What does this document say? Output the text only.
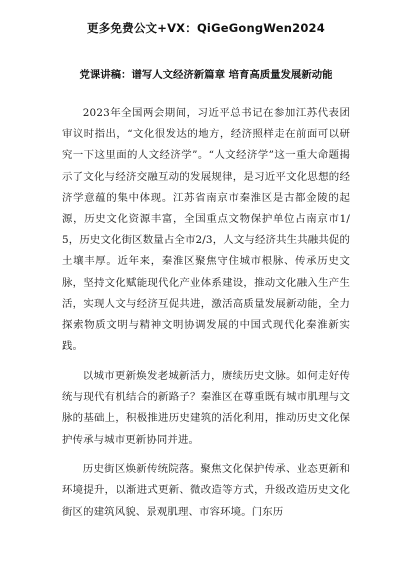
更多免费公文+VX：QiGeGongWen2024
党课讲稿：谱写人文经济新篇章 培育高质量发展新动能

2023年全国两会期间，习近平总书记在参加江苏代表团审议时指出，“文化很发达的地方，经济照样走在前面可以研究一下这里面的人文经济学”。“人文经济学”这一重大命题揭示了文化与经济交融互动的发展规律，是习近平文化思想的经济学意蕴的集中体现。江苏省南京市秦淮区是古都金陵的起源，历史文化资源丰富，全国重点文物保护单位占南京市1/5，历史文化街区数量占全市2/3，人文与经济共生共融共促的土壤丰厚。近年来，秦淮区聚焦守住城市根脉、传承历史文脉，坚持文化赋能现代化产业体系建设，推动文化融入生产生活，实现人文与经济互促共进，激活高质量发展新动能，全力探索物质文明与精神文明协调发展的中国式现代化秦淮新实践。

以城市更新焕发老城新活力，赓续历史文脉。如何走好传统与现代有机结合的新路子？秦淮区在尊重既有城市肌理与文脉的基础上，积极推进历史建筑的活化利用，推动历史文化保护传承与城市更新协同并进。

历史街区焕新传统院落。聚焦文化保护传承、业态更新和环境提升，以渐进式更新、微改造等方式，升级改造历史文化街区的建筑风貌、景观肌理、市容环境。门东历
